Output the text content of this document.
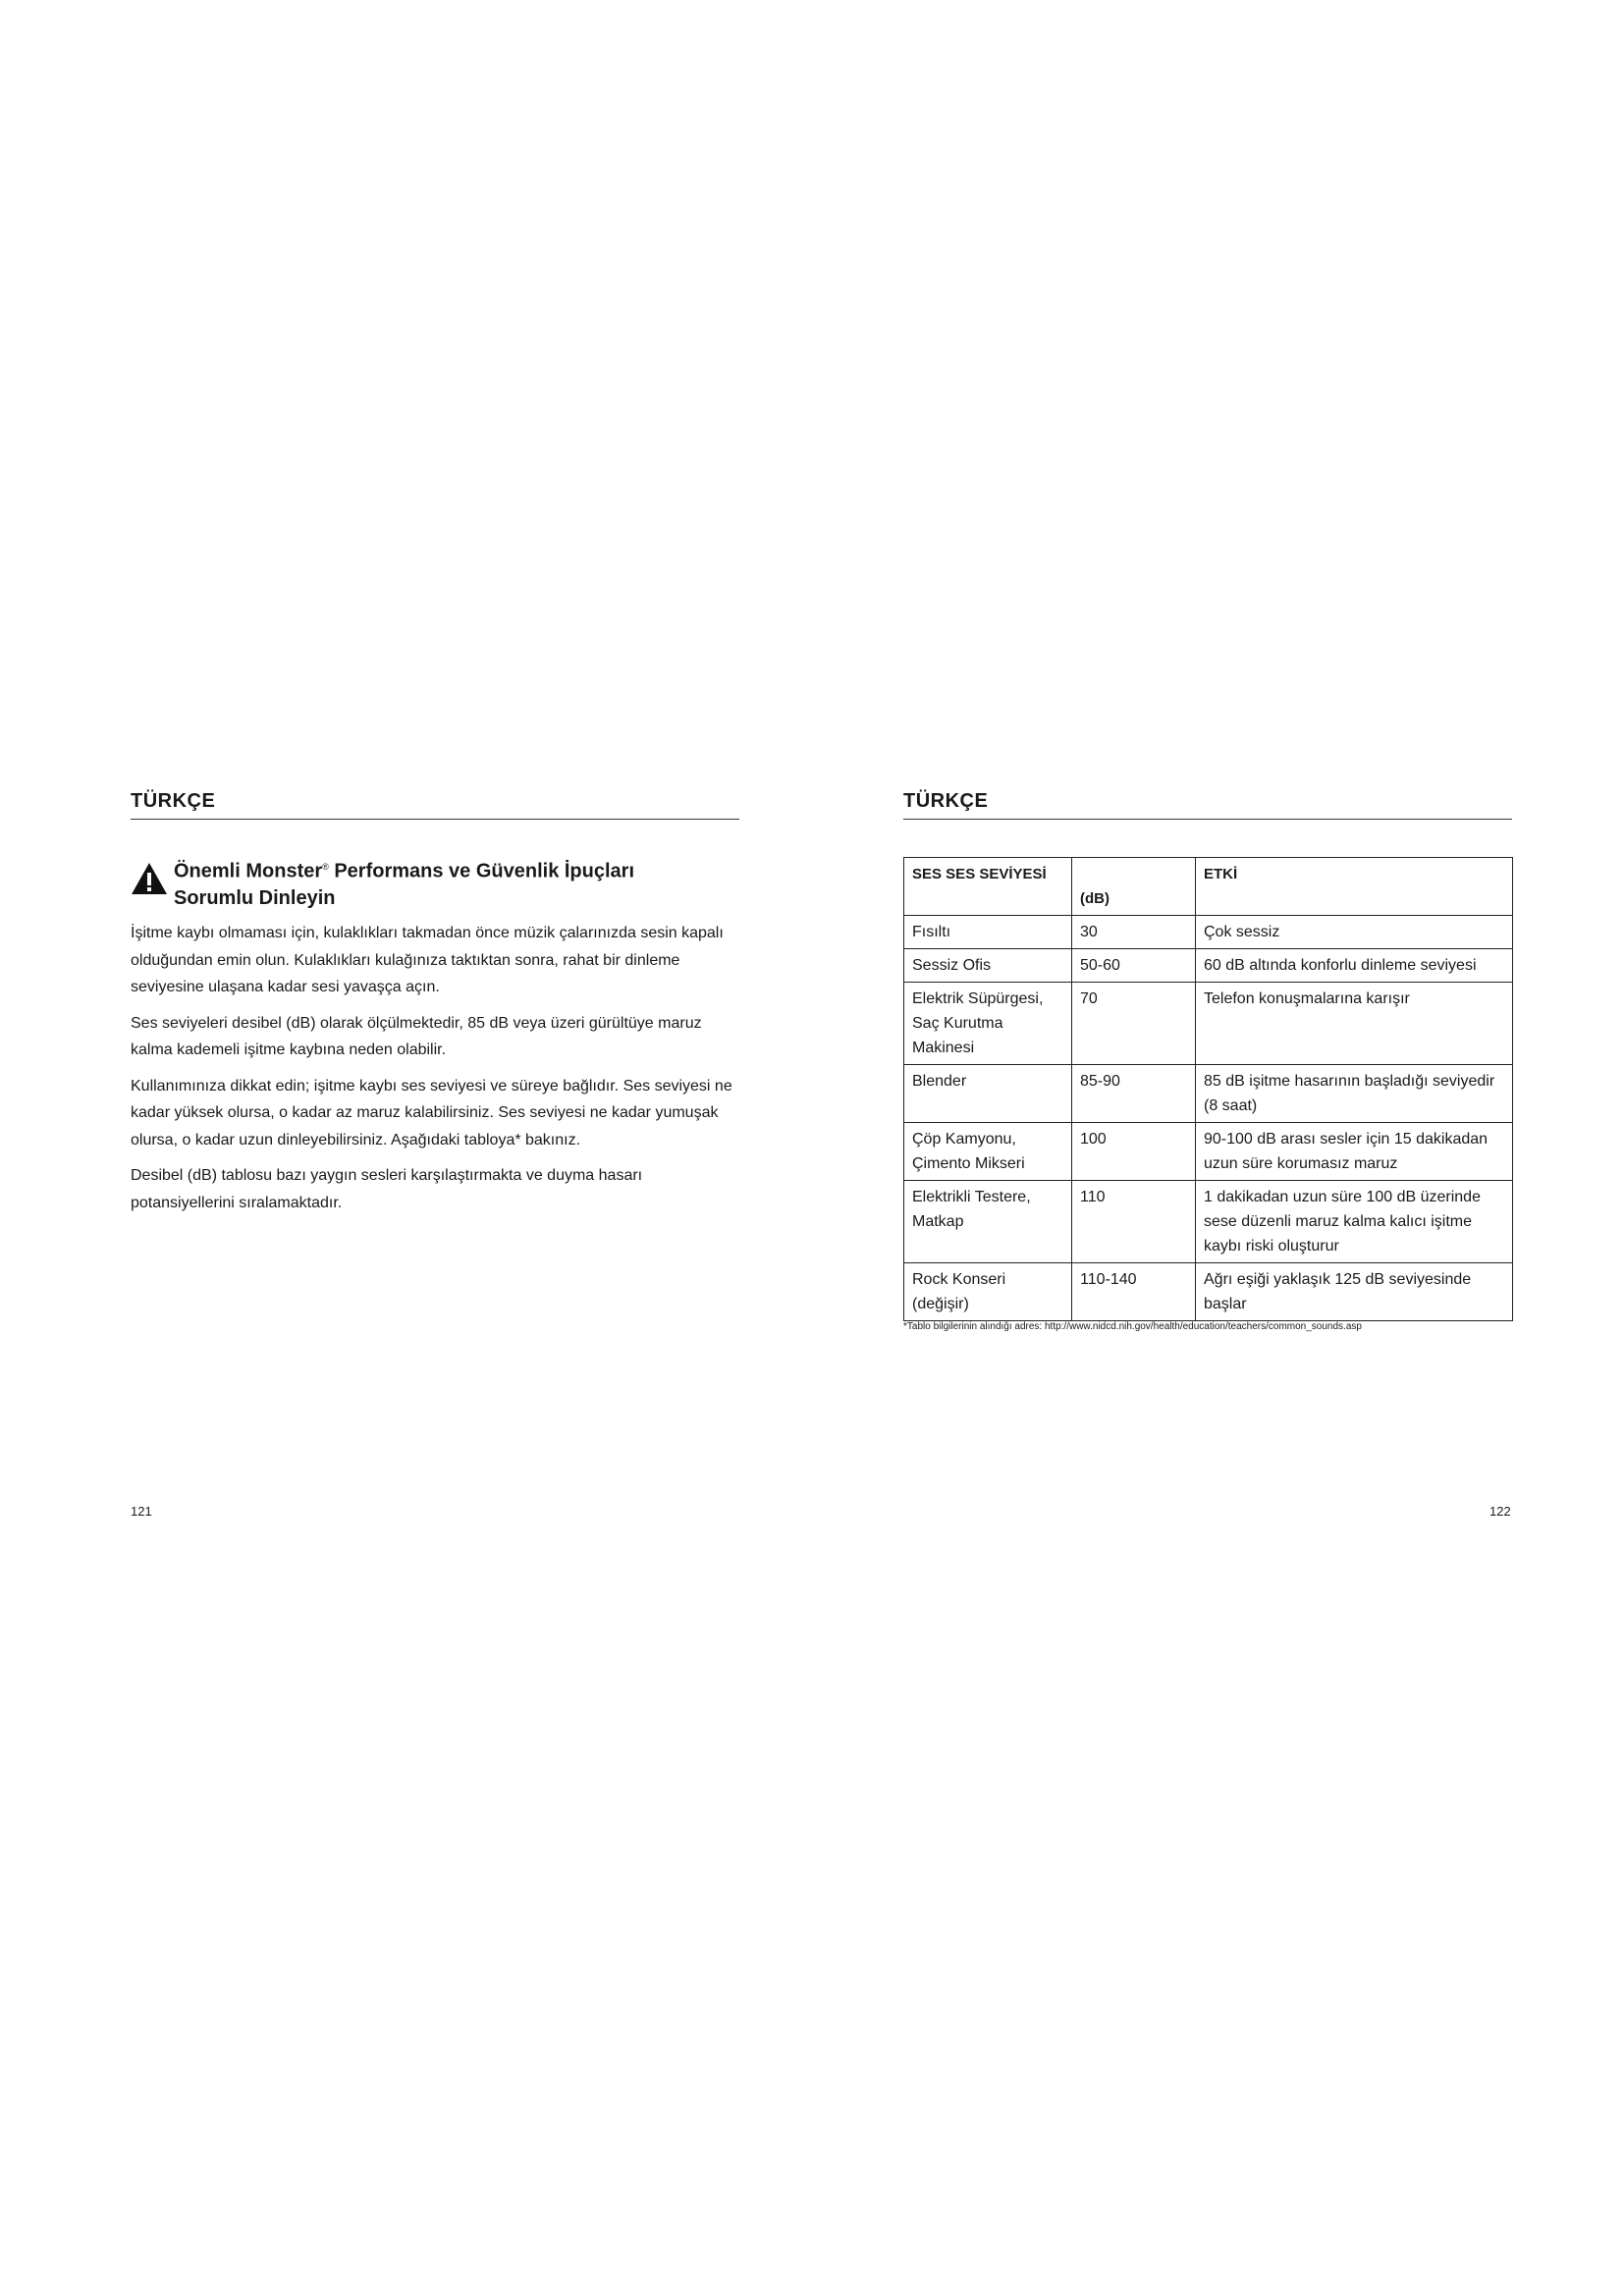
TÜRKÇE
Önemli Monster® Performans ve Güvenlik İpuçları
Sorumlu Dinleyin

İşitme kaybı olmaması için, kulaklıkları takmadan önce müzik çalarınızda sesin kapalı olduğundan emin olun. Kulaklıkları kulağınıza taktıktan sonra, rahat bir dinleme seviyesine ulaşana kadar sesi yavaşça açın.

Ses seviyeleri desibel (dB) olarak ölçülmektedir, 85 dB veya üzeri gürültüye maruz kalma kademeli işitme kaybına neden olabilir.

Kullanımınıza dikkat edin; işitme kaybı ses seviyesi ve süreye bağlıdır. Ses seviyesi ne kadar yüksek olursa, o kadar az maruz kalabilirsiniz. Ses seviyesi ne kadar yumuşak olursa, o kadar uzun dinleyebilirsiniz. Aşağıdaki tabloya* bakınız.

Desibel (dB) tablosu bazı yaygın sesleri karşılaştırmakta ve duyma hasarı potansiyellerini sıralamaktadır.

121
TÜRKÇE
122
SES SES SEVİYESİ	(dB)	ETKİ
Fısıltı	30	Çok sessiz
Sessiz Ofis	50-60	60 dB altında konforlu dinleme seviyesi
Elektrik Süpürgesi, Saç Kurutma Makinesi	70	Telefon konuşmalarına karışır
Blender	85-90	85 dB işitme hasarının başladığı seviyedir (8 saat)
Çöp Kamyonu, Çimento Mikseri	100	90-100 dB arası sesler için 15 dakikadan uzun süre korumasız maruz
Elektrikli Testere, Matkap	110	1 dakikadan uzun süre 100 dB üzerinde sese düzenli maruz kalma kalıcı işitme kaybı riski oluşturur
Rock Konseri (değişir)	110-140	Ağrı eşiği yaklaşık 125 dB seviyesinde başlar
*Tablo bilgilerinin alındığı adres: http://www.nidcd.nih.gov/health/education/teachers/common_sounds.asp
